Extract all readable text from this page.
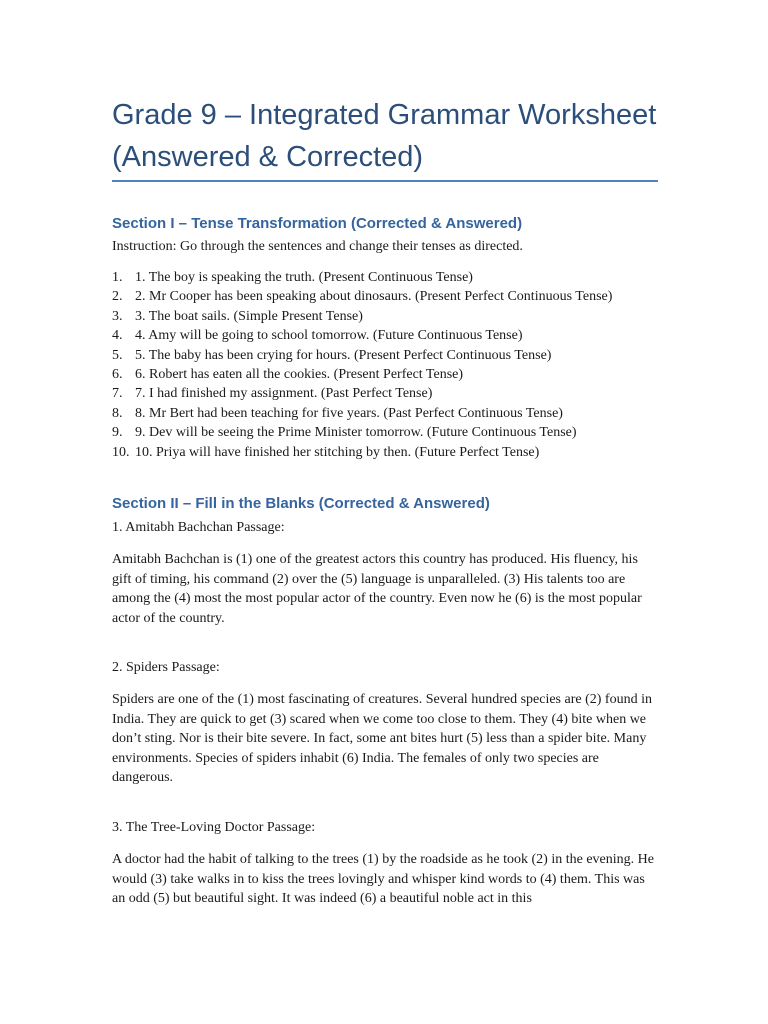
Grade 9 – Integrated Grammar Worksheet (Answered & Corrected)
Section I – Tense Transformation (Corrected & Answered)
Instruction: Go through the sentences and change their tenses as directed.
1. 1. The boy is speaking the truth. (Present Continuous Tense)
2. 2. Mr Cooper has been speaking about dinosaurs. (Present Perfect Continuous Tense)
3. 3. The boat sails. (Simple Present Tense)
4. 4. Amy will be going to school tomorrow. (Future Continuous Tense)
5. 5. The baby has been crying for hours. (Present Perfect Continuous Tense)
6. 6. Robert has eaten all the cookies. (Present Perfect Tense)
7. 7. I had finished my assignment. (Past Perfect Tense)
8. 8. Mr Bert had been teaching for five years. (Past Perfect Continuous Tense)
9. 9. Dev will be seeing the Prime Minister tomorrow. (Future Continuous Tense)
10. 10. Priya will have finished her stitching by then. (Future Perfect Tense)
Section II – Fill in the Blanks (Corrected & Answered)
1. Amitabh Bachchan Passage:
Amitabh Bachchan is (1) one of the greatest actors this country has produced. His fluency, his gift of timing, his command (2) over the (5) language is unparalleled. (3) His talents too are among the (4) most the most popular actor of the country. Even now he (6) is the most popular actor of the country.
2. Spiders Passage:
Spiders are one of the (1) most fascinating of creatures. Several hundred species are (2) found in India. They are quick to get (3) scared when we come too close to them. They (4) bite when we don’t sting. Nor is their bite severe. In fact, some ant bites hurt (5) less than a spider bite. Many environments. Species of spiders inhabit (6) India. The females of only two species are dangerous.
3. The Tree-Loving Doctor Passage:
A doctor had the habit of talking to the trees (1) by the roadside as he took (2) in the evening. He would (3) take walks in to kiss the trees lovingly and whisper kind words to (4) them. This was an odd (5) but beautiful sight. It was indeed (6) a beautiful noble act in this
